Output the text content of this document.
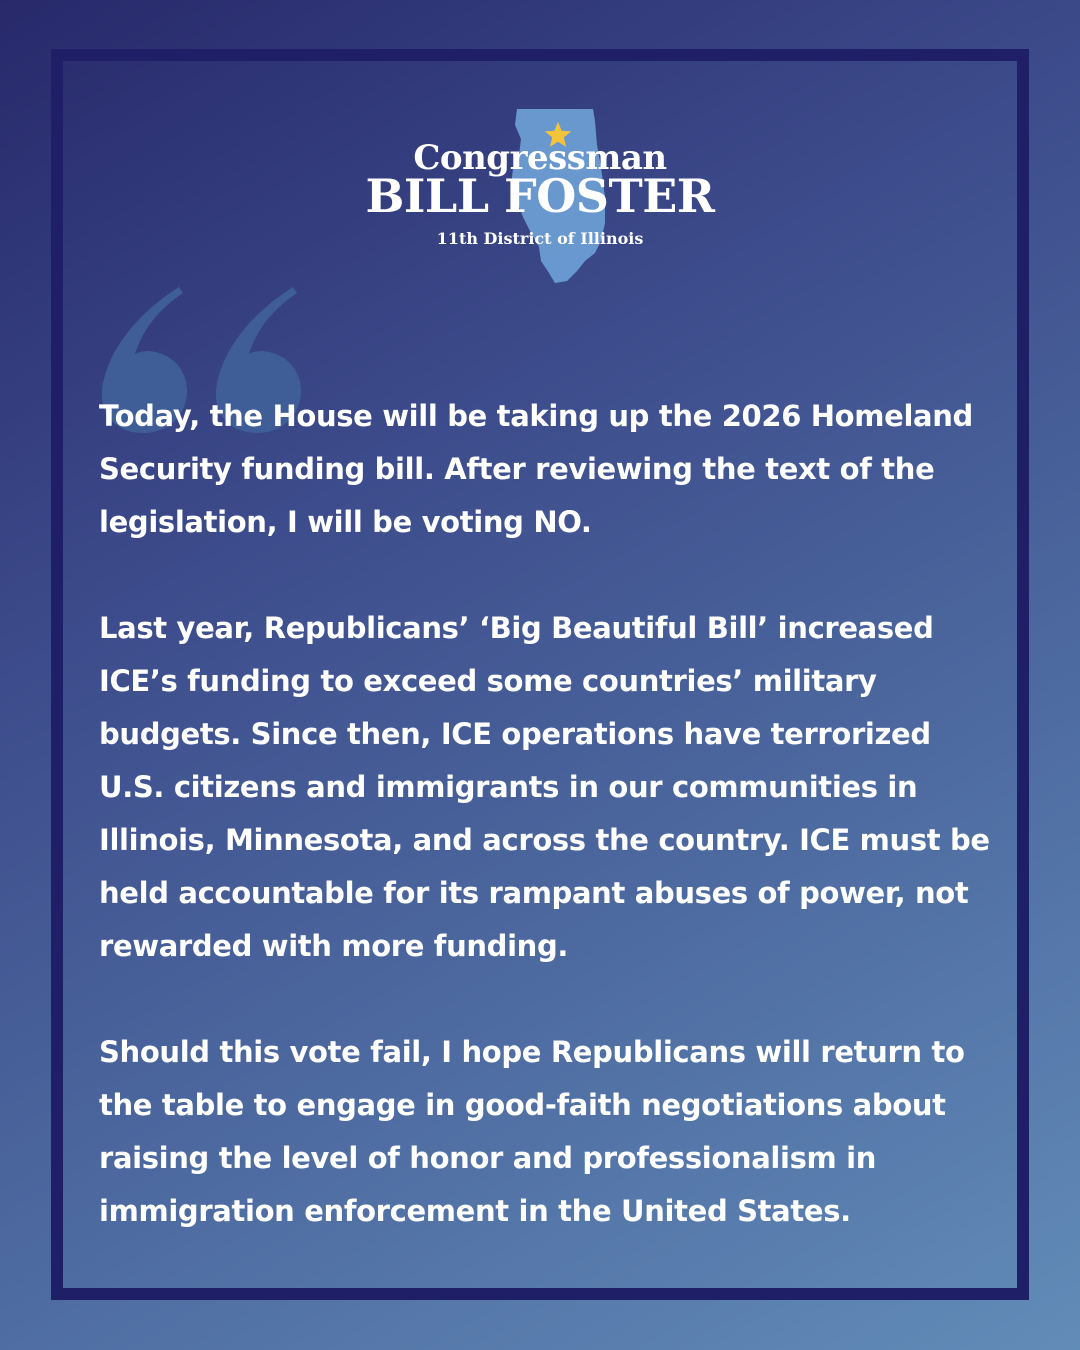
Congressman
BILL FOSTER
11th District of Illinois

Today, the House will be taking up the 2026 Homeland Security funding bill. After reviewing the text of the legislation, I will be voting NO.

Last year, Republicans’ ‘Big Beautiful Bill’ increased ICE’s funding to exceed some countries’ military budgets. Since then, ICE operations have terrorized U.S. citizens and immigrants in our communities in Illinois, Minnesota, and across the country. ICE must be held accountable for its rampant abuses of power, not rewarded with more funding.

Should this vote fail, I hope Republicans will return to the table to engage in good-faith negotiations about raising the level of honor and professionalism in immigration enforcement in the United States.
